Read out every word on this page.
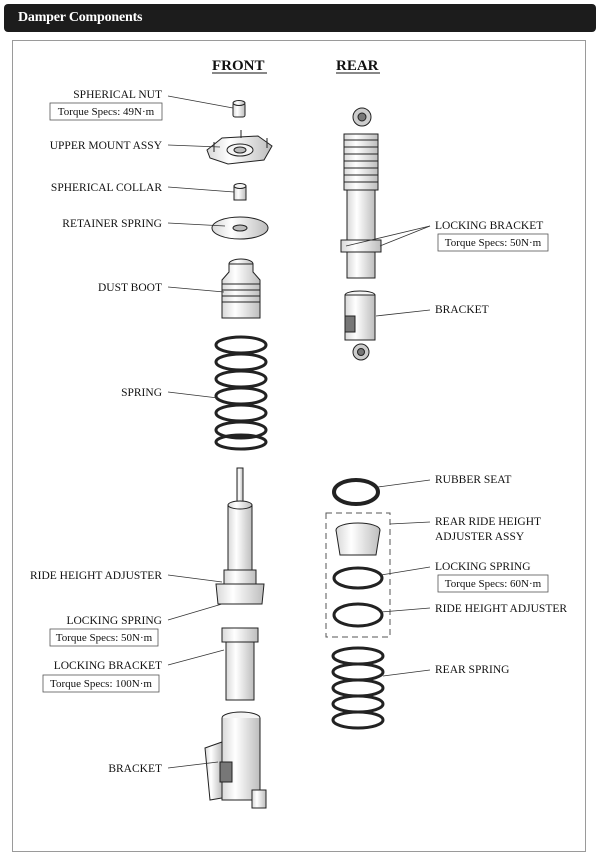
Damper Components
FRONT	REAR
SPHERICAL NUT
Torque Specs: 49N·m
UPPER MOUNT ASSY
SPHERICAL COLLAR
RETAINER SPRING
DUST BOOT
SPRING
RIDE HEIGHT ADJUSTER
LOCKING SPRING
Torque Specs: 50N·m
LOCKING BRACKET
Torque Specs: 100N·m
BRACKET
LOCKING BRACKET
Torque Specs: 50N·m
BRACKET
RUBBER SEAT
REAR RIDE HEIGHT
ADJUSTER ASSY
LOCKING SPRING
Torque Specs: 60N·m
RIDE HEIGHT ADJUSTER
REAR SPRING
